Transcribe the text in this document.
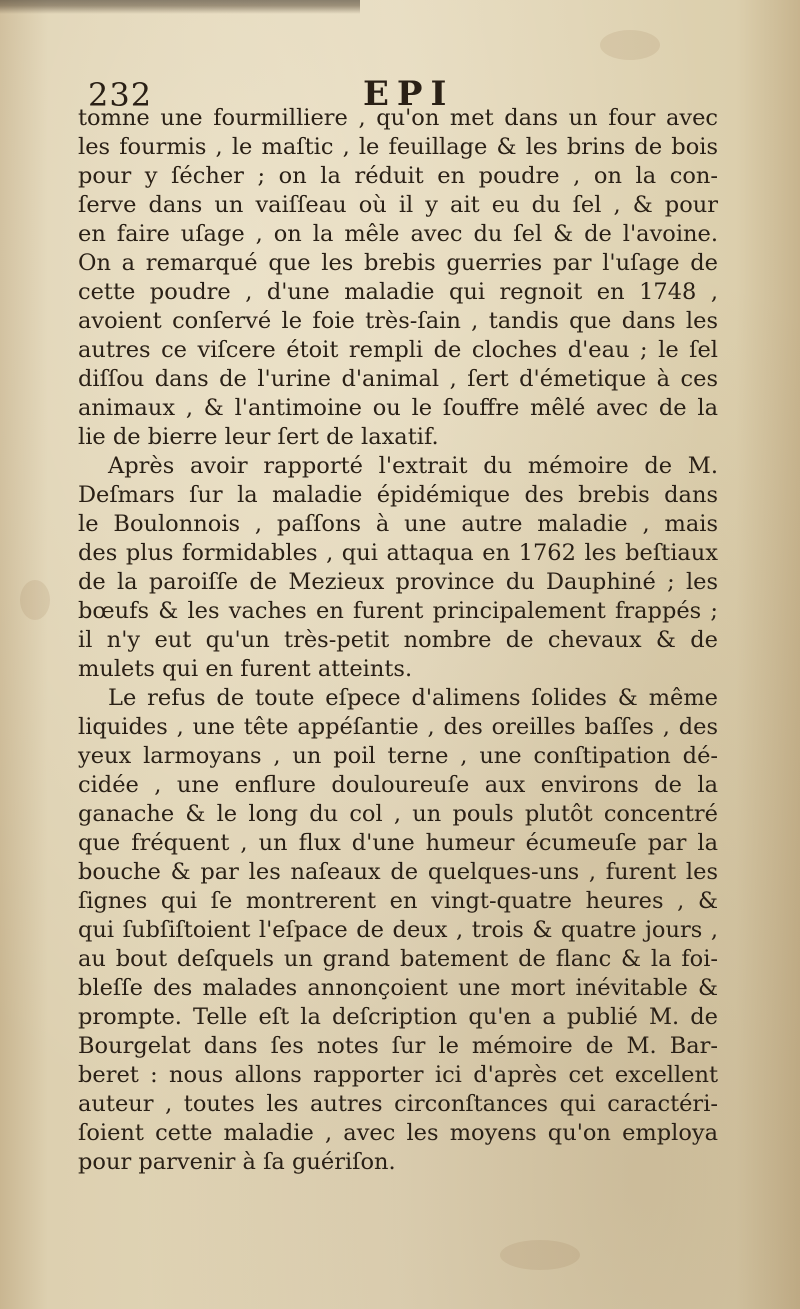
232	EPI
tomne une fourmilliere , qu'on met dans un four avec
les fourmis , le maſtic , le feuillage & les brins de bois
pour y ſécher ; on la réduit en poudre , on la con-
ſerve dans un vaiſſeau où il y ait eu du ſel , & pour
en faire uſage , on la mêle avec du ſel & de l'avoine.
On a remarqué que les brebis guerries par l'uſage de
cette poudre , d'une maladie qui regnoit en 1748 ,
avoient conſervé le foie très-ſain , tandis que dans les
autres ce viſcere étoit rempli de cloches d'eau ; le ſel
diſſou dans de l'urine d'animal , ſert d'émetique à ces
animaux , & l'antimoine ou le ſouffre mêlé avec de la
lie de bierre leur ſert de laxatif.
Après avoir rapporté l'extrait du mémoire de M.
Deſmars ſur la maladie épidémique des brebis dans
le Boulonnois , paſſons à une autre maladie , mais
des plus formidables , qui attaqua en 1762 les beſtiaux
de la paroiſſe de Mezieux province du Dauphiné ; les
bœufs & les vaches en furent principalement frappés ;
il n'y eut qu'un très-petit nombre de chevaux & de
mulets qui en furent atteints.
Le refus de toute eſpece d'alimens ſolides & même
liquides , une tête appéſantie , des oreilles baſſes , des
yeux larmoyans , un poil terne , une conſtipation dé-
cidée , une enflure douloureuſe aux environs de la
ganache & le long du col , un pouls plutôt concentré
que fréquent , un flux d'une humeur écumeuſe par la
bouche & par les naſeaux de quelques-uns , furent les
ſignes qui ſe montrerent en vingt-quatre heures , &
qui ſubſiſtoient l'eſpace de deux , trois & quatre jours ,
au bout deſquels un grand batement de flanc & la foi-
bleſſe des malades annonçoient une mort inévitable &
prompte. Telle eſt la deſcription qu'en a publié M. de
Bourgelat dans ſes notes ſur le mémoire de M. Bar-
beret : nous allons rapporter ici d'après cet excellent
auteur , toutes les autres circonſtances qui caractéri-
ſoient cette maladie , avec les moyens qu'on employa
pour parvenir à ſa guériſon.
